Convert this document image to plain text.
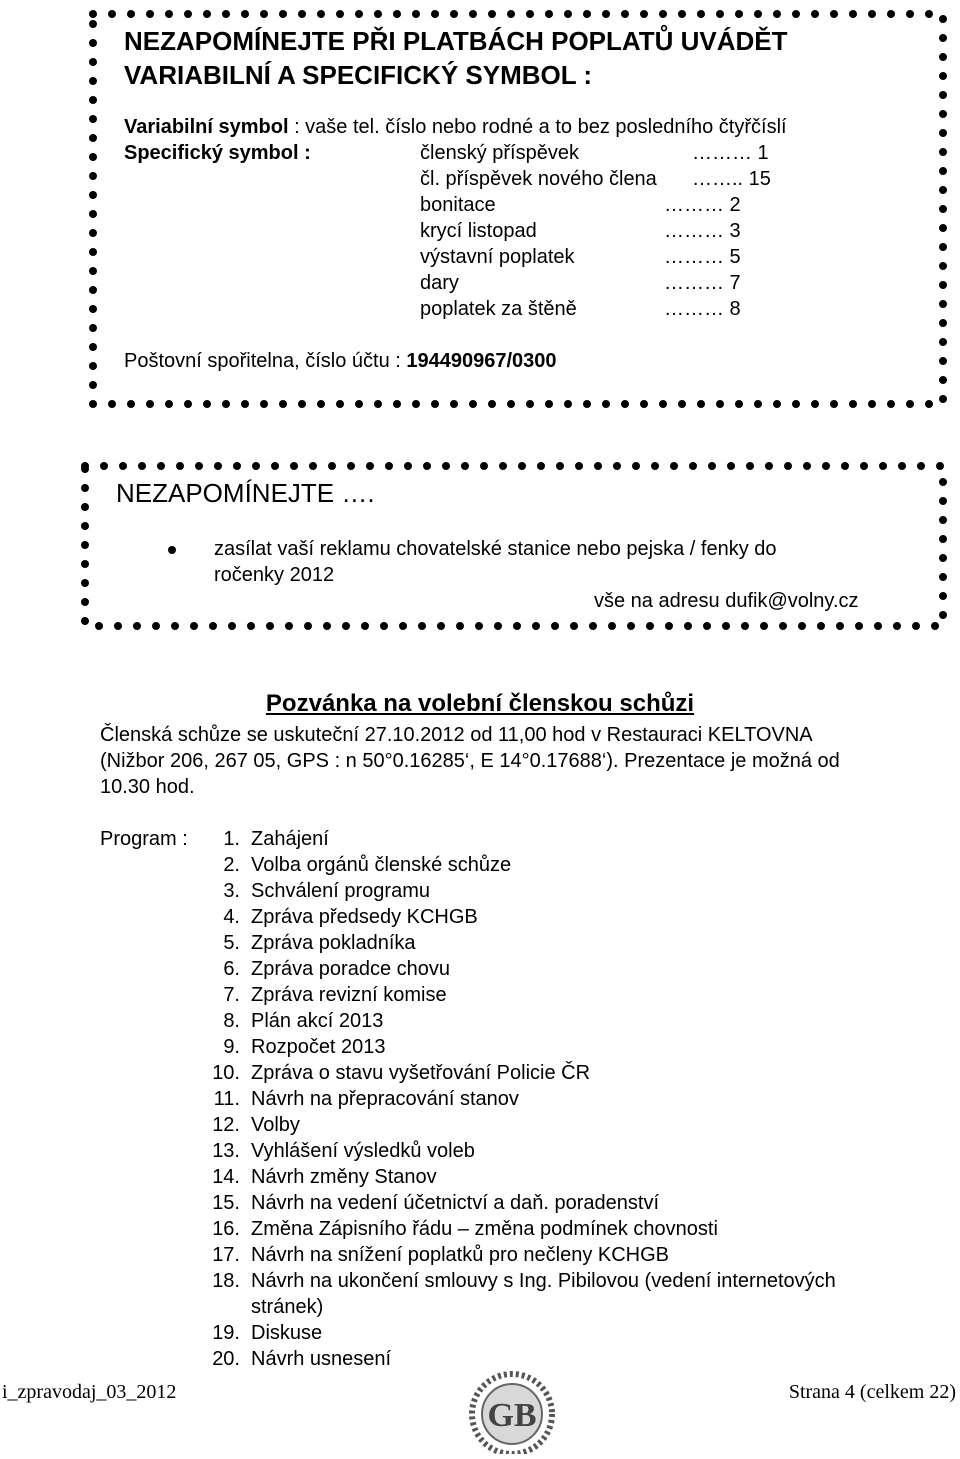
NEZAPOMÍNEJTE PŘI PLATBÁCH POPLATŮ UVÁDĚT
VARIABILNÍ A SPECIFICKÝ SYMBOL :
Variabilní symbol : vaše tel. číslo nebo rodné a to bez posledního čtyřčíslí
Specifický symbol :	členský příspěvek	……… 1
čl. příspěvek nového člena …….. 15
bonitace	……… 2
krycí listopad	……… 3
výstavní poplatek	……… 5
dary	……… 7
poplatek za štěně	……… 8
Poštovní spořitelna, číslo účtu : 194490967/0300
NEZAPOMÍNEJTE ….
zasílat vaší reklamu chovatelské stanice nebo pejska / fenky do
ročenky 2012
vše na adresu dufik@volny.cz
Pozvánka na volební členskou schůzi
Členská schůze se uskuteční 27.10.2012 od 11,00 hod v Restauraci KELTOVNA
(Nižbor 206, 267 05, GPS : n 50°0.16285‘, E 14°0.17688‘). Prezentace je možná od
10.30 hod.
Program :	1. Zahájení
2. Volba orgánů členské schůze
3. Schválení programu
4. Zpráva předsedy KCHGB
5. Zpráva pokladníka
6. Zpráva poradce chovu
7. Zpráva revizní komise
8. Plán akcí 2013
9. Rozpočet 2013
10. Zpráva o stavu vyšetřování Policie ČR
11. Návrh na přepracování stanov
12. Volby
13. Vyhlášení výsledků voleb
14. Návrh změny Stanov
15. Návrh na vedení účetnictví a daň. poradenství
16. Změna Zápisního řádu – změna podmínek chovnosti
17. Návrh na snížení poplatků pro nečleny KCHGB
18. Návrh na ukončení smlouvy s Ing. Pibilovou (vedení internetových
stránek)
19. Diskuse
20. Návrh usnesení
i_zpravodaj_03_2012	Strana 4 (celkem 22)
GB
